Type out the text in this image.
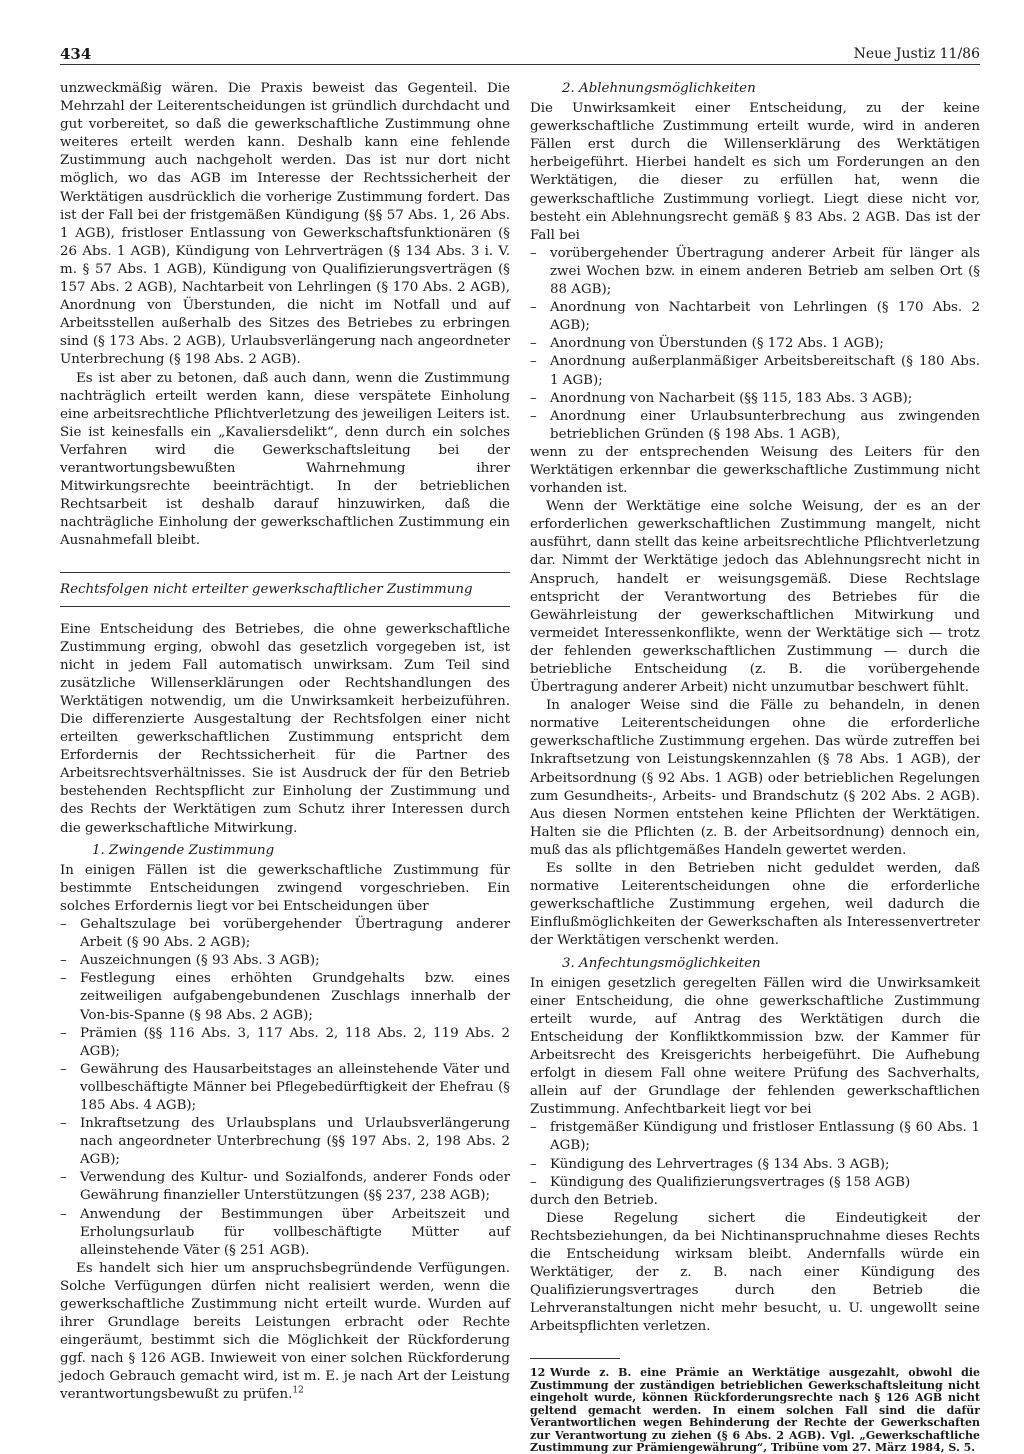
434	Neue Justiz 11/86

unzweckmäßig wären. Die Praxis beweist das Gegenteil. Die Mehrzahl der Leiterentscheidungen ist gründlich durchdacht und gut vorbereitet, so daß die gewerkschaftliche Zustimmung ohne weiteres erteilt werden kann. Deshalb kann eine fehlende Zustimmung auch nachgeholt werden. Das ist nur dort nicht möglich, wo das AGB im Interesse der Rechtssicherheit der Werktätigen ausdrücklich die vorherige Zustimmung fordert. Das ist der Fall bei der fristgemäßen Kündigung (§§ 57 Abs. 1, 26 Abs. 1 AGB), fristloser Entlassung von Gewerkschaftsfunktionären (§ 26 Abs. 1 AGB), Kündigung von Lehrverträgen (§ 134 Abs. 3 i. V. m. § 57 Abs. 1 AGB), Kündigung von Qualifizierungsverträgen (§ 157 Abs. 2 AGB), Nachtarbeit von Lehrlingen (§ 170 Abs. 2 AGB), Anordnung von Überstunden, die nicht im Notfall und auf Arbeitsstellen außerhalb des Sitzes des Betriebes zu erbringen sind (§ 173 Abs. 2 AGB), Urlaubsverlängerung nach angeordneter Unterbrechung (§ 198 Abs. 2 AGB).

Es ist aber zu betonen, daß auch dann, wenn die Zustimmung nachträglich erteilt werden kann, diese verspätete Einholung eine arbeitsrechtliche Pflichtverletzung des jeweiligen Leiters ist. Sie ist keinesfalls ein „Kavaliersdelikt“, denn durch ein solches Verfahren wird die Gewerkschaftsleitung bei der verantwortungsbewußten Wahrnehmung ihrer Mitwirkungsrechte beeinträchtigt. In der betrieblichen Rechtsarbeit ist deshalb darauf hinzuwirken, daß die nachträgliche Einholung der gewerkschaftlichen Zustimmung ein Ausnahmefall bleibt.

Rechtsfolgen nicht erteilter gewerkschaftlicher Zustimmung

Eine Entscheidung des Betriebes, die ohne gewerkschaftliche Zustimmung erging, obwohl das gesetzlich vorgegeben ist, ist nicht in jedem Fall automatisch unwirksam. Zum Teil sind zusätzliche Willenserklärungen oder Rechtshandlungen des Werktätigen notwendig, um die Unwirksamkeit herbeizuführen. Die differenzierte Ausgestaltung der Rechtsfolgen einer nicht erteilten gewerkschaftlichen Zustimmung entspricht dem Erfordernis der Rechtssicherheit für die Partner des Arbeitsrechtsverhältnisses. Sie ist Ausdruck der für den Betrieb bestehenden Rechtspflicht zur Einholung der Zustimmung und des Rechts der Werktätigen zum Schutz ihrer Interessen durch die gewerkschaftliche Mitwirkung.

1. Zwingende Zustimmung

In einigen Fällen ist die gewerkschaftliche Zustimmung für bestimmte Entscheidungen zwingend vorgeschrieben. Ein solches Erfordernis liegt vor bei Entscheidungen über

– Gehaltszulage bei vorübergehender Übertragung anderer Arbeit (§ 90 Abs. 2 AGB);
– Auszeichnungen (§ 93 Abs. 3 AGB);
– Festlegung eines erhöhten Grundgehalts bzw. eines zeitweiligen aufgabengebundenen Zuschlags innerhalb der Von-bis-Spanne (§ 98 Abs. 2 AGB);
– Prämien (§§ 116 Abs. 3, 117 Abs. 2, 118 Abs. 2, 119 Abs. 2 AGB);
– Gewährung des Hausarbeitstages an alleinstehende Väter und vollbeschäftigte Männer bei Pflegebedürftigkeit der Ehefrau (§ 185 Abs. 4 AGB);
– Inkraftsetzung des Urlaubsplans und Urlaubsverlängerung nach angeordneter Unterbrechung (§§ 197 Abs. 2, 198 Abs. 2 AGB);
– Verwendung des Kultur- und Sozialfonds, anderer Fonds oder Gewährung finanzieller Unterstützungen (§§ 237, 238 AGB);
– Anwendung der Bestimmungen über Arbeitszeit und Erholungsurlaub für vollbeschäftigte Mütter auf alleinstehende Väter (§ 251 AGB).

Es handelt sich hier um anspruchsbegründende Verfügungen. Solche Verfügungen dürfen nicht realisiert werden, wenn die gewerkschaftliche Zustimmung nicht erteilt wurde. Wurden auf ihrer Grundlage bereits Leistungen erbracht oder Rechte eingeräumt, bestimmt sich die Möglichkeit der Rückforderung ggf. nach § 126 AGB. Inwieweit von einer solchen Rückforderung jedoch Gebrauch gemacht wird, ist m. E. je nach Art der Leistung verantwortungsbewußt zu prüfen.$^{12}$

2. Ablehnungsmöglichkeiten

Die Unwirksamkeit einer Entscheidung, zu der keine gewerkschaftliche Zustimmung erteilt wurde, wird in anderen Fällen erst durch die Willenserklärung des Werktätigen herbeigeführt. Hierbei handelt es sich um Forderungen an den Werktätigen, die dieser zu erfüllen hat, wenn die gewerkschaftliche Zustimmung vorliegt. Liegt diese nicht vor, besteht ein Ablehnungsrecht gemäß § 83 Abs. 2 AGB. Das ist der Fall bei

– vorübergehender Übertragung anderer Arbeit für länger als zwei Wochen bzw. in einem anderen Betrieb am selben Ort (§ 88 AGB);
– Anordnung von Nachtarbeit von Lehrlingen (§ 170 Abs. 2 AGB);
– Anordnung von Überstunden (§ 172 Abs. 1 AGB);
– Anordnung außerplanmäßiger Arbeitsbereitschaft (§ 180 Abs. 1 AGB);
– Anordnung von Nacharbeit (§§ 115, 183 Abs. 3 AGB);
– Anordnung einer Urlaubsunterbrechung aus zwingenden betrieblichen Gründen (§ 198 Abs. 1 AGB),

wenn zu der entsprechenden Weisung des Leiters für den Werktätigen erkennbar die gewerkschaftliche Zustimmung nicht vorhanden ist.

Wenn der Werktätige eine solche Weisung, der es an der erforderlichen gewerkschaftlichen Zustimmung mangelt, nicht ausführt, dann stellt das keine arbeitsrechtliche Pflichtverletzung dar. Nimmt der Werktätige jedoch das Ablehnungsrecht nicht in Anspruch, handelt er weisungsgemäß. Diese Rechtslage entspricht der Verantwortung des Betriebes für die Gewährleistung der gewerkschaftlichen Mitwirkung und vermeidet Interessenkonflikte, wenn der Werktätige sich — trotz der fehlenden gewerkschaftlichen Zustimmung — durch die betriebliche Entscheidung (z. B. die vorübergehende Übertragung anderer Arbeit) nicht unzumutbar beschwert fühlt.

In analoger Weise sind die Fälle zu behandeln, in denen normative Leiterentscheidungen ohne die erforderliche gewerkschaftliche Zustimmung ergehen. Das würde zutreffen bei Inkraftsetzung von Leistungskennzahlen (§ 78 Abs. 1 AGB), der Arbeitsordnung (§ 92 Abs. 1 AGB) oder betrieblichen Regelungen zum Gesundheits-, Arbeits- und Brandschutz (§ 202 Abs. 2 AGB). Aus diesen Normen entstehen keine Pflichten der Werktätigen. Halten sie die Pflichten (z. B. der Arbeitsordnung) dennoch ein, muß das als pflichtgemäßes Handeln gewertet werden.

Es sollte in den Betrieben nicht geduldet werden, daß normative Leiterentscheidungen ohne die erforderliche gewerkschaftliche Zustimmung ergehen, weil dadurch die Einflußmöglichkeiten der Gewerkschaften als Interessenvertreter der Werktätigen verschenkt werden.

3. Anfechtungsmöglichkeiten

In einigen gesetzlich geregelten Fällen wird die Unwirksamkeit einer Entscheidung, die ohne gewerkschaftliche Zustimmung erteilt wurde, auf Antrag des Werktätigen durch die Entscheidung der Konfliktkommission bzw. der Kammer für Arbeitsrecht des Kreisgerichts herbeigeführt. Die Aufhebung erfolgt in diesem Fall ohne weitere Prüfung des Sachverhalts, allein auf der Grundlage der fehlenden gewerkschaftlichen Zustimmung. Anfechtbarkeit liegt vor bei

– fristgemäßer Kündigung und fristloser Entlassung (§ 60 Abs. 1 AGB);
– Kündigung des Lehrvertrages (§ 134 Abs. 3 AGB);
– Kündigung des Qualifizierungsvertrages (§ 158 AGB)

durch den Betrieb.

Diese Regelung sichert die Eindeutigkeit der Rechtsbeziehungen, da bei Nichtinanspruchnahme dieses Rechts die Entscheidung wirksam bleibt. Andernfalls würde ein Werktätiger, der z. B. nach einer Kündigung des Qualifizierungsvertrages durch den Betrieb die Lehrveranstaltungen nicht mehr besucht, u. U. ungewollt seine Arbeitspflichten verletzen.

12 Wurde z. B. eine Prämie an Werktätige ausgezahlt, obwohl die Zustimmung der zuständigen betrieblichen Gewerkschaftsleitung nicht eingeholt wurde, können Rückforderungsrechte nach § 126 AGB nicht geltend gemacht werden. In einem solchen Fall sind die dafür Verantwortlichen wegen Behinderung der Rechte der Gewerkschaften zur Verantwortung zu ziehen (§ 6 Abs. 2 AGB). Vgl. „Gewerkschaftliche Zustimmung zur Prämiengewährung“, Tribüne vom 27. März 1984, S. 5.
